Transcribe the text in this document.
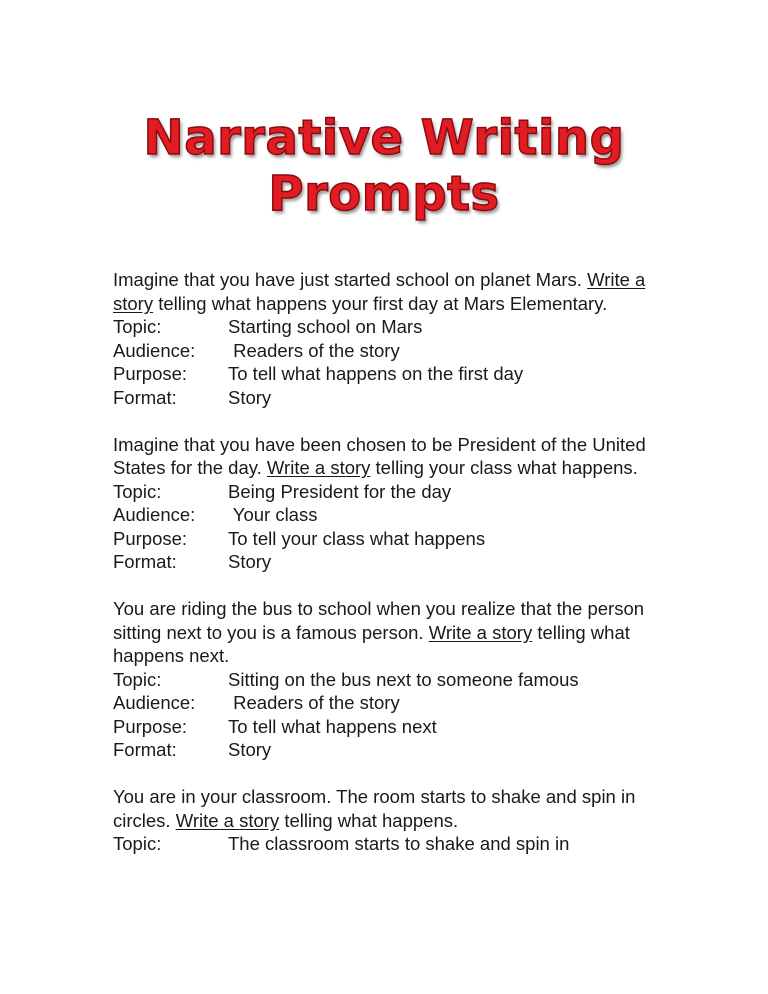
Narrative Writing
Prompts
Imagine that you have just started school on planet Mars. Write a story telling what happens your first day at Mars Elementary.
Topic:	Starting school on Mars
Audience:	Readers of the story
Purpose:	To tell what happens on the first day
Format:	Story
Imagine that you have been chosen to be President of the United States for the day. Write a story telling your class what happens.
Topic:	Being President for the day
Audience:	Your class
Purpose:	To tell your class what happens
Format:	Story
You are riding the bus to school when you realize that the person sitting next to you is a famous person. Write a story telling what happens next.
Topic:	Sitting on the bus next to someone famous
Audience:	Readers of the story
Purpose:	To tell what happens next
Format:	Story
You are in your classroom. The room starts to shake and spin in circles. Write a story telling what happens.
Topic:	The classroom starts to shake and spin in
